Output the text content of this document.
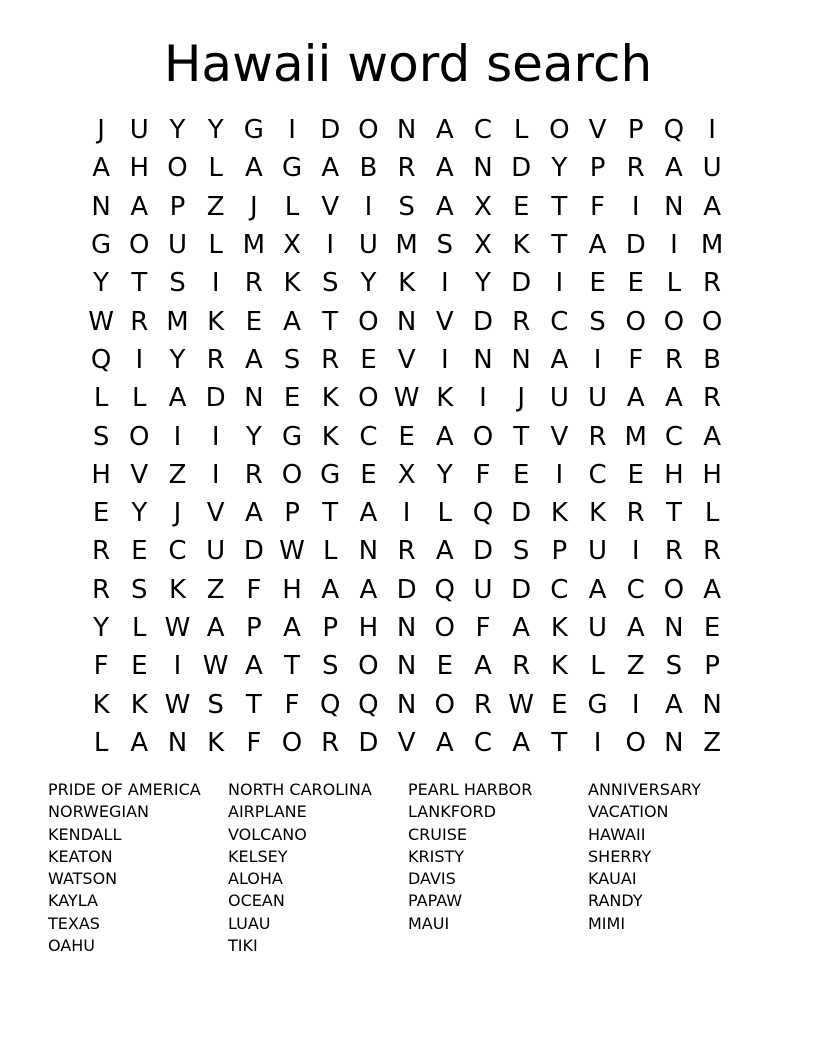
Hawaii word search
J U Y Y G I D O N A C L O V P Q I
A H O L A G A B R A N D Y P R A U
N A P Z J	L V I	S A X E T F	I N A
G O U L M X I U M S X K T A D I M
Y T S	I R K S Y K I	Y D I	E E L R
W R M K E A T O N V D R C S O O O
Q I	Y R A S R E V I N N A I	F R B
L L A D N E K O W K I	J U U A A R
S O I	I	Y G K C E A O T V R M C A
H V Z I R O G E X Y F E	I C E H H
E Y	J V A P T A I	L Q D K K R T L
R E C U D W L N R A D S P U I R R
R S K Z F H A A D Q U D C A C O A
Y L W A P A P H N O F A K U A N E
F E	I W A T S O N E A R K L Z S P
K K W S T F Q Q N O R W E G I A N
L A N K F O R D V A C A T	I O N Z
PRIDE OF AMERICA
NORWEGIAN
KENDALL
KEATON
WATSON
KAYLA
TEXAS
OAHU
NORTH CAROLINA
AIRPLANE
VOLCANO
KELSEY
ALOHA
OCEAN
LUAU
TIKI
PEARL HARBOR
LANKFORD
CRUISE
KRISTY
DAVIS
PAPAW
MAUI
ANNIVERSARY
VACATION
HAWAII
SHERRY
KAUAI
RANDY
MIMI
